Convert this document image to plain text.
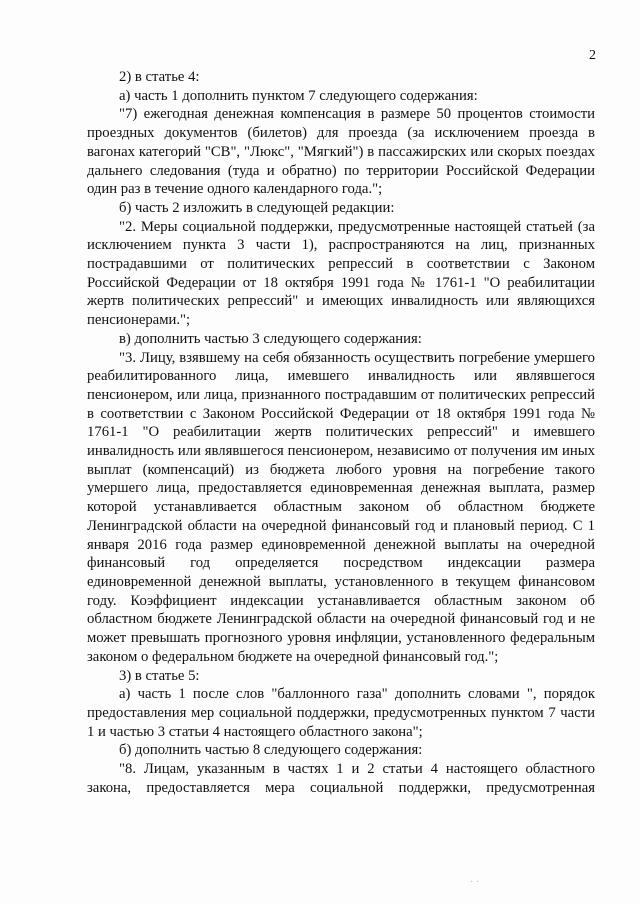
2

2) в статье 4:

а) часть 1 дополнить пунктом 7 следующего содержания:

"7) ежегодная денежная компенсация в размере 50 процентов стоимости проездных документов (билетов) для проезда (за исключением проезда в вагонах категорий "СВ", "Люкс", "Мягкий") в пассажирских или скорых поездах дальнего следования (туда и обратно) по территории Российской Федерации один раз в течение одного календарного года.";

б) часть 2 изложить в следующей редакции:

"2. Меры социальной поддержки, предусмотренные настоящей статьей (за исключением пункта 3 части 1), распространяются на лиц, признанных пострадавшими от политических репрессий в соответствии с Законом Российской Федерации от 18 октября 1991 года № 1761-1 "О реабилитации жертв политических репрессий" и имеющих инвалидность или являющихся пенсионерами.";

в) дополнить частью 3 следующего содержания:

"3. Лицу, взявшему на себя обязанность осуществить погребение умершего реабилитированного лица, имевшего инвалидность или являвшегося пенсионером, или лица, признанного пострадавшим от политических репрессий в соответствии с Законом Российской Федерации от 18 октября 1991 года № 1761-1 "О реабилитации жертв политических репрессий" и имевшего инвалидность или являвшегося пенсионером, независимо от получения им иных выплат (компенсаций) из бюджета любого уровня на погребение такого умершего лица, предоставляется единовременная денежная выплата, размер которой устанавливается областным законом об областном бюджете Ленинградской области на очередной финансовый год и плановый период. С 1 января 2016 года размер единовременной денежной выплаты на очередной финансовый год определяется посредством индексации размера единовременной денежной выплаты, установленного в текущем финансовом году. Коэффициент индексации устанавливается областным законом об областном бюджете Ленинградской области на очередной финансовый год и не может превышать прогнозного уровня инфляции, установленного федеральным законом о федеральном бюджете на очередной финансовый год.";

3) в статье 5:

а) часть 1 после слов "баллонного газа" дополнить словами ", порядок предоставления мер социальной поддержки, предусмотренных пунктом 7 части 1 и частью 3 статьи 4 настоящего областного закона";

б) дополнить частью 8 следующего содержания:

"8. Лицам, указанным в частях 1 и 2 статьи 4 настоящего областного закона, предоставляется мера социальной поддержки, предусмотренная

· ·
